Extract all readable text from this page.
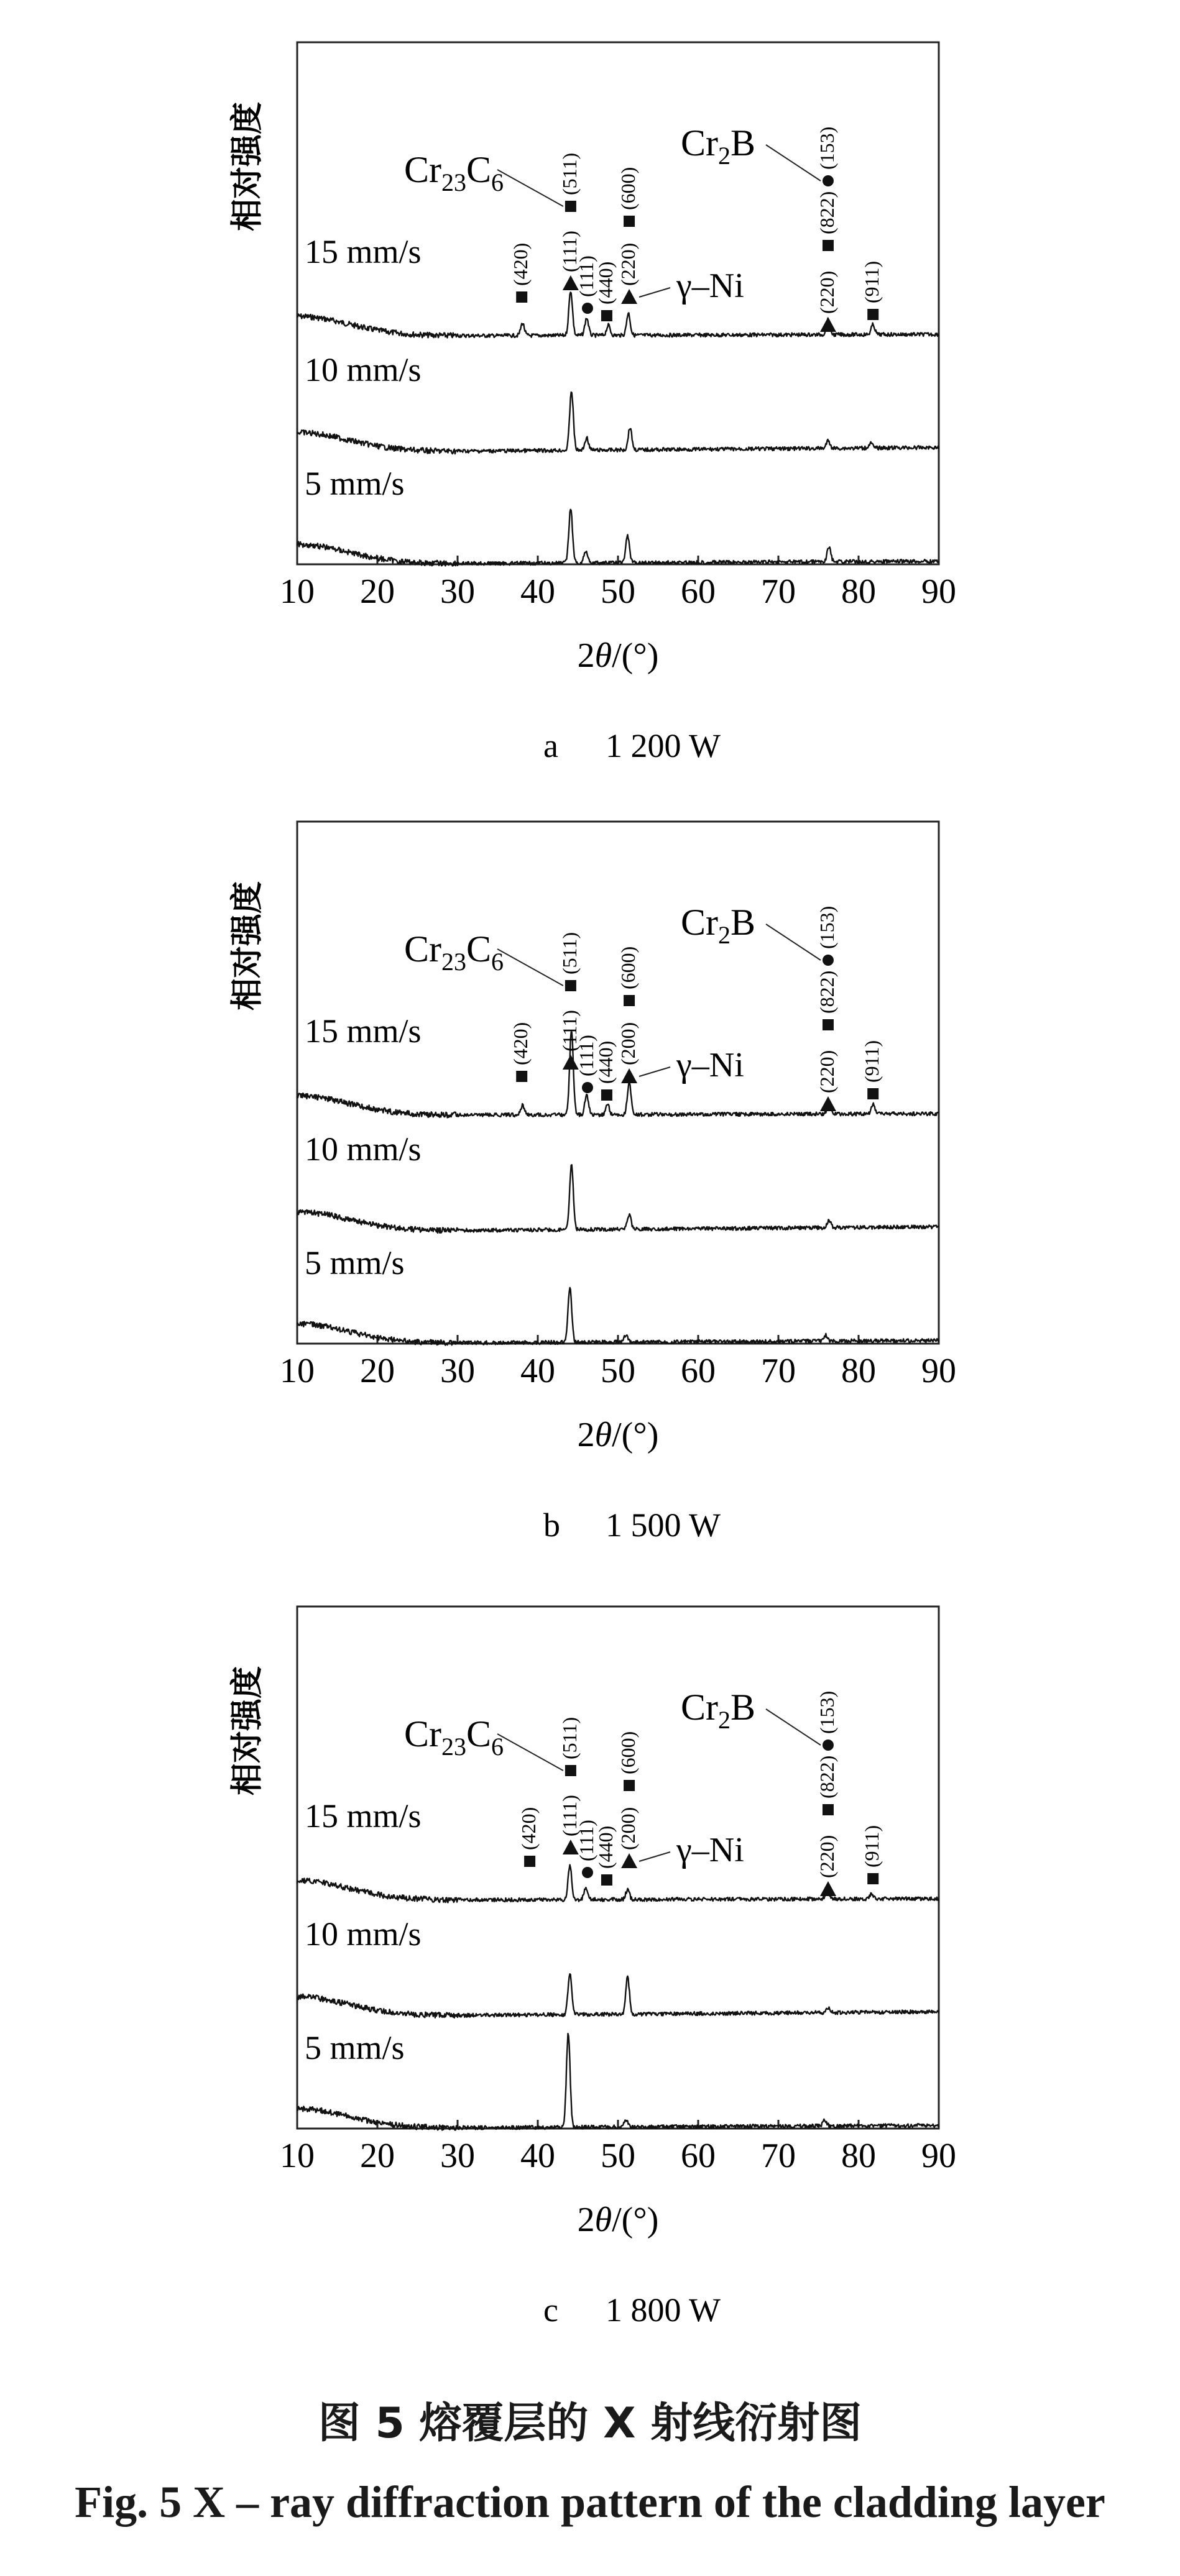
10 20 30 40 50 60 70 80 90
2θ/(°)
相对强度
a 1 200 W
15 mm/s
10 mm/s
5 mm/s
(420) (111)
(511)
(111)
(440) (220)
(600)
(220)
(822)
(153)
(911)
$Cr_{23}C_6$
$Cr_2B$
γ–Ni
10 20 30 40 50 60 70 80 90
2θ/(°)
相对强度
b 1 500 W
15 mm/s
10 mm/s
5 mm/s
(420) (111)
(511)
(111)
(440) (200)
(600)
(220)
(822)
(153)
(911)
$Cr_{23}C_6$
$Cr_2B$
γ–Ni
10 20 30 40 50 60 70 80 90
2θ/(°)
相对强度
c 1 800 W
15 mm/s
10 mm/s
5 mm/s
(420) (111)
(511)
(111)
(440) (200)
(600)
(220)
(822)
(153)
(911)
$Cr_{23}C_6$
$Cr_2B$
γ–Ni
图 5 熔覆层的 X 射线衍射图
Fig. 5 X – ray diffraction pattern of the cladding layer
